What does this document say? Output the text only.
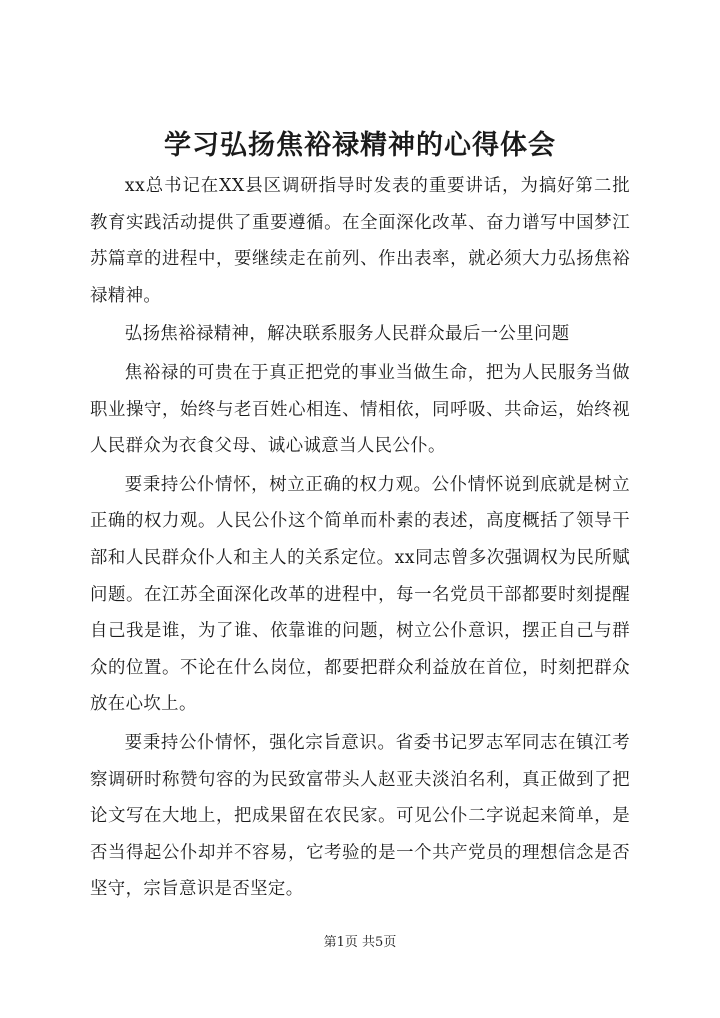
学习弘扬焦裕禄精神的心得体会

xx总书记在XX县区调研指导时发表的重要讲话，为搞好第二批教育实践活动提供了重要遵循。在全面深化改革、奋力谱写中国梦江苏篇章的进程中，要继续走在前列、作出表率，就必须大力弘扬焦裕禄精神。

弘扬焦裕禄精神，解决联系服务人民群众最后一公里问题

焦裕禄的可贵在于真正把党的事业当做生命，把为人民服务当做职业操守，始终与老百姓心相连、情相依，同呼吸、共命运，始终视人民群众为衣食父母、诚心诚意当人民公仆。

要秉持公仆情怀，树立正确的权力观。公仆情怀说到底就是树立正确的权力观。人民公仆这个简单而朴素的表述，高度概括了领导干部和人民群众仆人和主人的关系定位。xx同志曾多次强调权为民所赋问题。在江苏全面深化改革的进程中，每一名党员干部都要时刻提醒自己我是谁，为了谁、依靠谁的问题，树立公仆意识，摆正自己与群众的位置。不论在什么岗位，都要把群众利益放在首位，时刻把群众放在心坎上。

要秉持公仆情怀，强化宗旨意识。省委书记罗志军同志在镇江考察调研时称赞句容的为民致富带头人赵亚夫淡泊名利，真正做到了把论文写在大地上，把成果留在农民家。可见公仆二字说起来简单，是否当得起公仆却并不容易，它考验的是一个共产党员的理想信念是否坚守，宗旨意识是否坚定。

第1页 共5页
